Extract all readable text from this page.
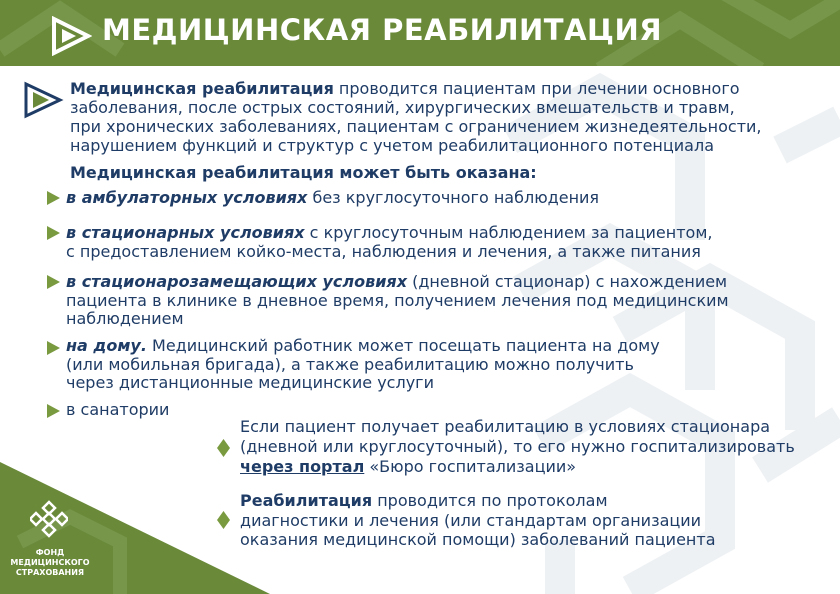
МЕДИЦИНСКАЯ РЕАБИЛИТАЦИЯ
Медицинская реабилитация проводится пациентам при лечении основного
заболевания, после острых состояний, хирургических вмешательств и травм,
при хронических заболеваниях, пациентам с ограничением жизнедеятельности,
нарушением функций и структур с учетом реабилитационного потенциала
Медицинская реабилитация может быть оказана:
в амбулаторных условиях без круглосуточного наблюдения
в стационарных условиях с круглосуточным наблюдением за пациентом,
с предоставлением койко-места, наблюдения и лечения, а также питания
в стационарозамещающих условиях (дневной стационар) с нахождением
пациента в клинике в дневное время, получением лечения под медицинским
наблюдением
на дому. Медицинский работник может посещать пациента на дому
(или мобильная бригада), а также реабилитацию можно получить
через дистанционные медицинские услуги
в санатории
Если пациент получает реабилитацию в условиях стационара
(дневной или круглосуточный), то его нужно госпитализировать
через портал «Бюро госпитализации»
Реабилитация проводится по протоколам
диагностики и лечения (или стандартам организации
оказания медицинской помощи) заболеваний пациента
ФОНД
МЕДИЦИНСКОГО
СТРАХОВАНИЯ
